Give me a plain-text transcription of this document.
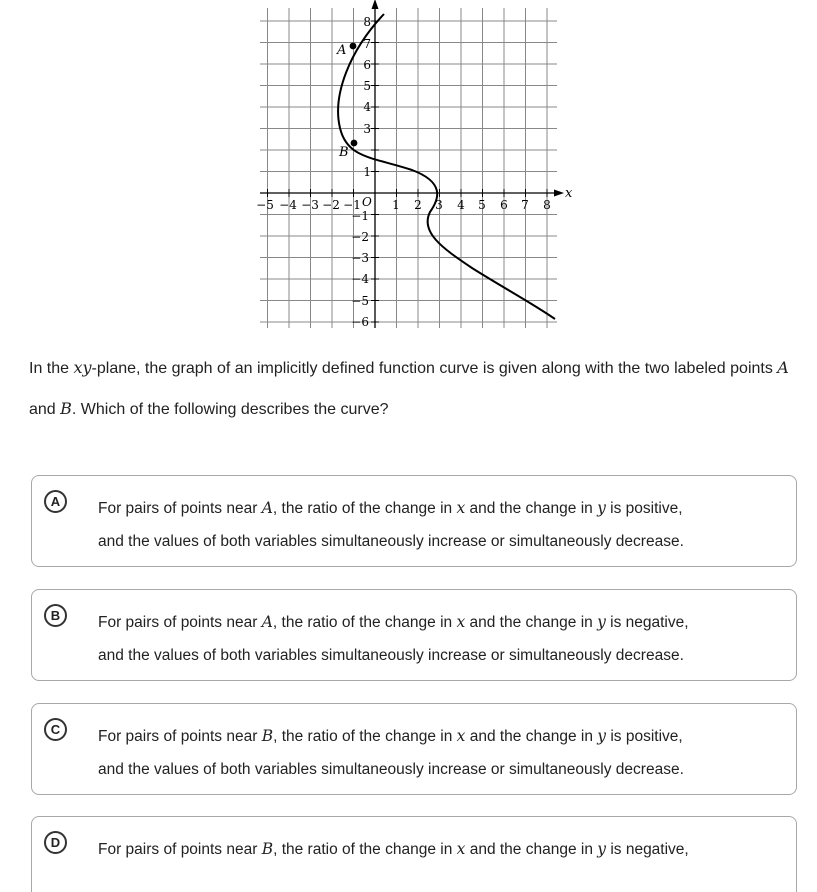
−5 −4 −3 −2 −1	1 2 3 4 5 6 7 8
8
7
6
5
4
3
1
−1
−2
−3
−4
−5
−6
O
x
A
B
In the xy-plane, the graph of an implicitly defined function curve is given along with the two labeled points A and B. Which of the following describes the curve?
A	For pairs of points near A, the ratio of the change in x and the change in y is positive,
and the values of both variables simultaneously increase or simultaneously decrease.
B	For pairs of points near A, the ratio of the change in x and the change in y is negative,
and the values of both variables simultaneously increase or simultaneously decrease.
C	For pairs of points near B, the ratio of the change in x and the change in y is positive,
and the values of both variables simultaneously increase or simultaneously decrease.
D	For pairs of points near B, the ratio of the change in x and the change in y is negative,
